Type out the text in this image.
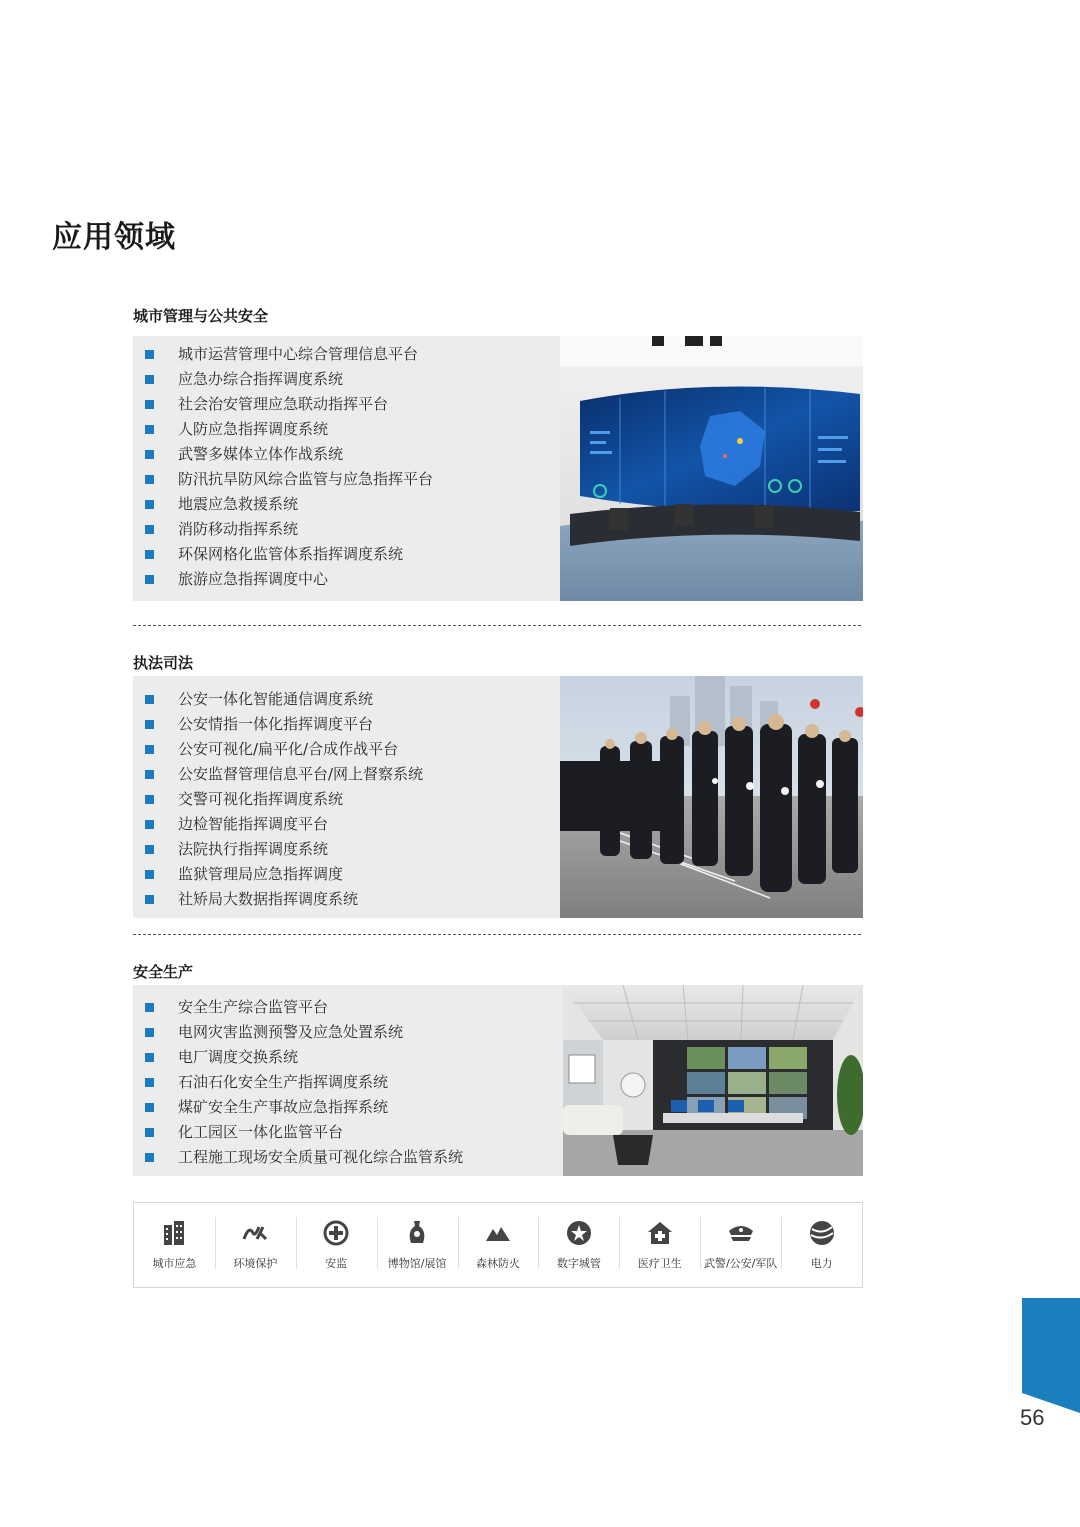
应用领域
城市管理与公共安全
城市运营管理中心综合管理信息平台
应急办综合指挥调度系统
社会治安管理应急联动指挥平台
人防应急指挥调度系统
武警多媒体立体作战系统
防汛抗旱防风综合监管与应急指挥平台
地震应急救援系统
消防移动指挥系统
环保网格化监管体系指挥调度系统
旅游应急指挥调度中心
执法司法
公安一体化智能通信调度系统
公安情指一体化指挥调度平台
公安可视化/扁平化/合成作战平台
公安监督管理信息平台/网上督察系统
交警可视化指挥调度系统
边检智能指挥调度平台
法院执行指挥调度系统
监狱管理局应急指挥调度
社矫局大数据指挥调度系统
安全生产
安全生产综合监管平台
电网灾害监测预警及应急处置系统
电厂调度交换系统
石油石化安全生产指挥调度系统
煤矿安全生产事故应急指挥系统
化工园区一体化监管平台
工程施工现场安全质量可视化综合监管系统
城市应急	环境保护	安监	博物馆/展馆	森林防火	数字城管	医疗卫生 武警/公安/军队	电力
56
